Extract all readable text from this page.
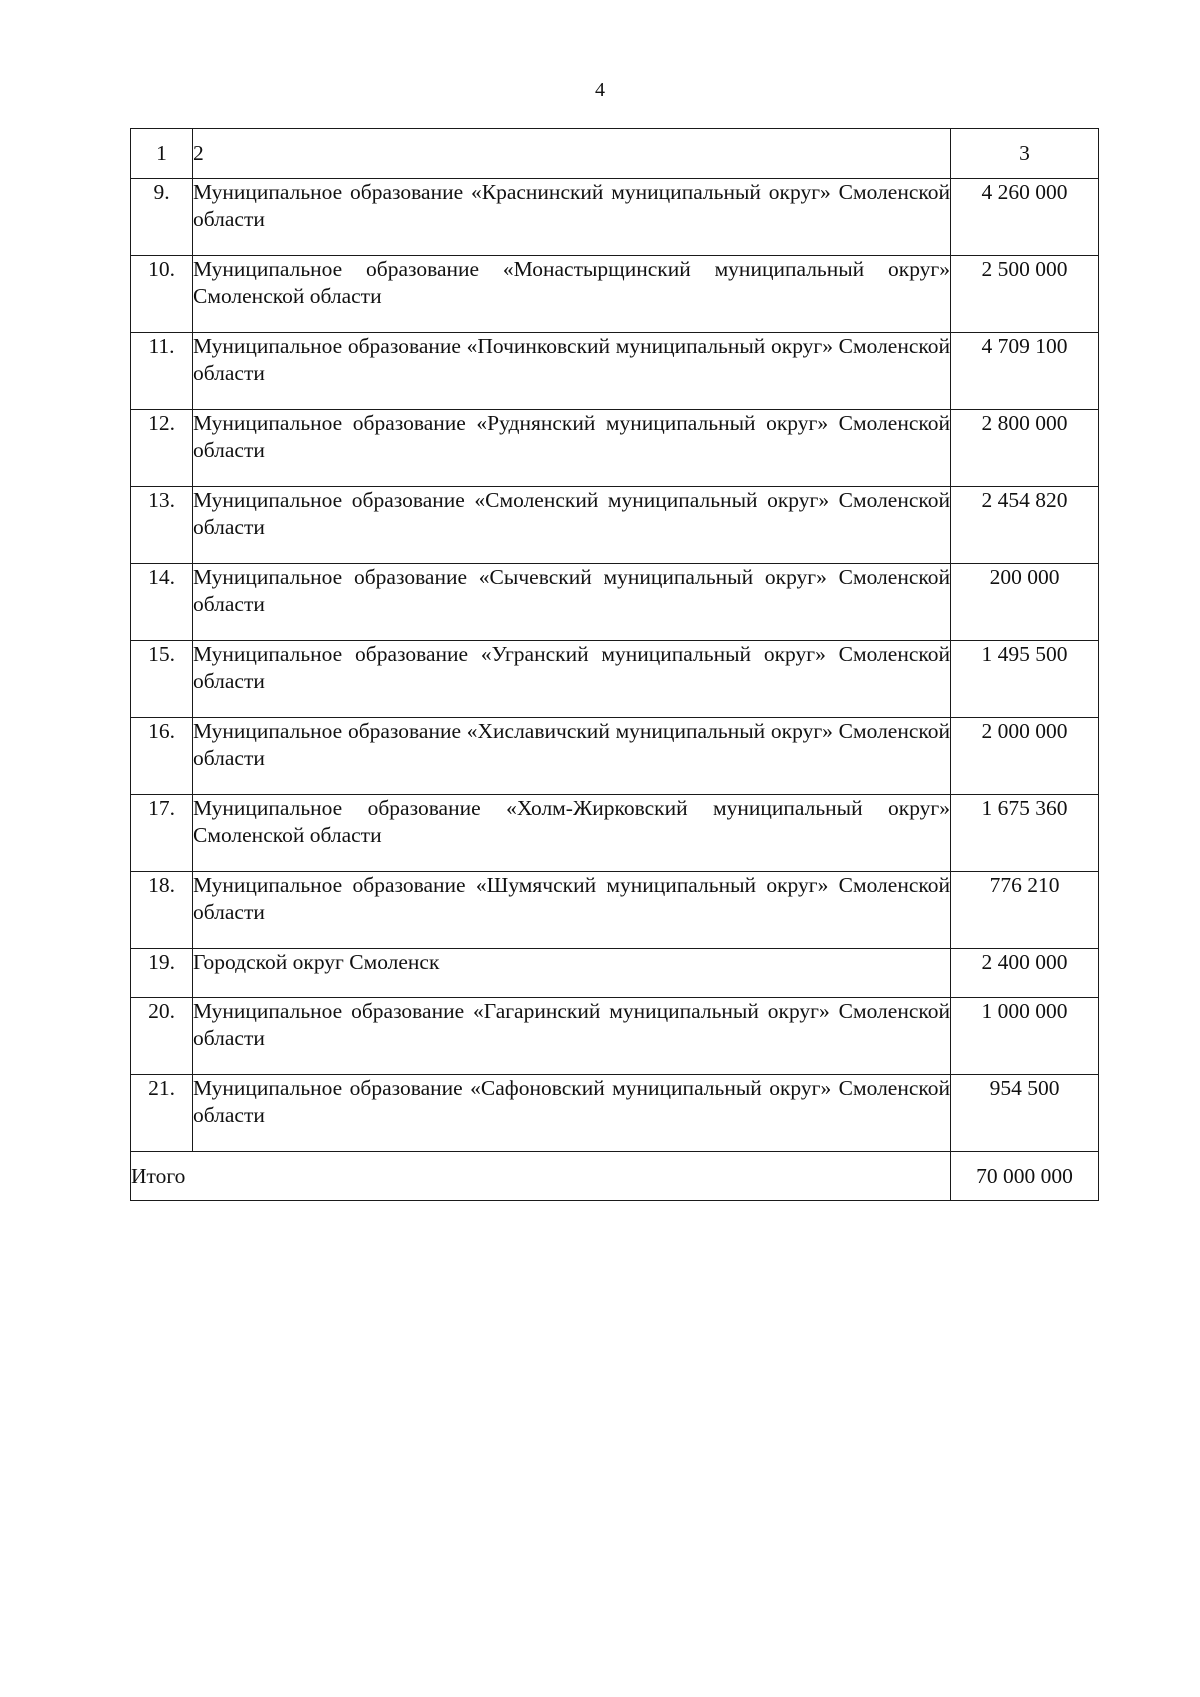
4
1	2	3
9.	Муниципальное образование «Краснинский муниципальный округ» Смоленской области	4 260 000
10.	Муниципальное образование «Монастырщинский муниципальный округ» Смоленской области	2 500 000
11.	Муниципальное образование «Починковский муниципальный округ» Смоленской области	4 709 100
12.	Муниципальное образование «Руднянский муниципальный округ» Смоленской области	2 800 000
13.	Муниципальное образование «Смоленский муниципальный округ» Смоленской области	2 454 820
14.	Муниципальное образование «Сычевский муниципальный округ» Смоленской области	200 000
15.	Муниципальное образование «Угранский муниципальный округ» Смоленской области	1 495 500
16.	Муниципальное образование «Хиславичский муниципальный округ» Смоленской области	2 000 000
17.	Муниципальное образование «Холм-Жирковский муниципальный округ» Смоленской области	1 675 360
18.	Муниципальное образование «Шумячский муниципальный округ» Смоленской области	776 210
19.	Городской округ Смоленск	2 400 000
20.	Муниципальное образование «Гагаринский муниципальный округ» Смоленской области	1 000 000
21.	Муниципальное образование «Сафоновский муниципальный округ» Смоленской области	954 500
Итого		70 000 000
